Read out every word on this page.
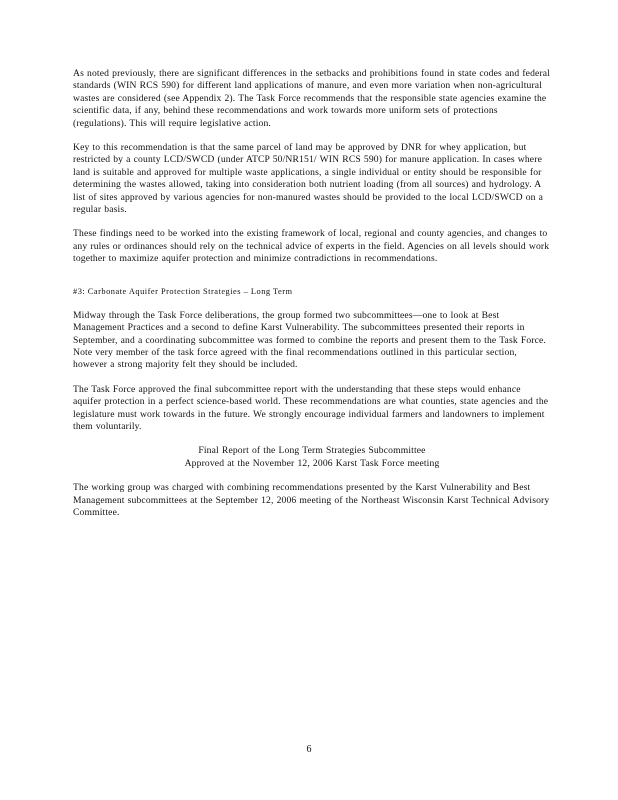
As noted previously, there are significant differences in the setbacks and prohibitions found in state codes and federal standards (WIN RCS 590) for different land applications of manure, and even more variation when non-agricultural wastes are considered (see Appendix 2). The Task Force recommends that the responsible state agencies examine the scientific data, if any, behind these recommendations and work towards more uniform sets of protections (regulations). This will require legislative action.

Key to this recommendation is that the same parcel of land may be approved by DNR for whey application, but restricted by a county LCD/SWCD (under ATCP 50/NR151/ WIN RCS 590) for manure application. In cases where land is suitable and approved for multiple waste applications, a single individual or entity should be responsible for determining the wastes allowed, taking into consideration both nutrient loading (from all sources) and hydrology. A list of sites approved by various agencies for non-manured wastes should be provided to the local LCD/SWCD on a regular basis.

These findings need to be worked into the existing framework of local, regional and county agencies, and changes to any rules or ordinances should rely on the technical advice of experts in the field. Agencies on all levels should work together to maximize aquifer protection and minimize contradictions in recommendations.

#3: Carbonate Aquifer Protection Strategies – Long Term

Midway through the Task Force deliberations, the group formed two subcommittees—one to look at Best Management Practices and a second to define Karst Vulnerability. The subcommittees presented their reports in September, and a coordinating subcommittee was formed to combine the reports and present them to the Task Force. Note very member of the task force agreed with the final recommendations outlined in this particular section, however a strong majority felt they should be included.

The Task Force approved the final subcommittee report with the understanding that these steps would enhance aquifer protection in a perfect science-based world. These recommendations are what counties, state agencies and the legislature must work towards in the future. We strongly encourage individual farmers and landowners to implement them voluntarily.

Final Report of the Long Term Strategies Subcommittee

Approved at the November 12, 2006 Karst Task Force meeting

The working group was charged with combining recommendations presented by the Karst Vulnerability and Best Management subcommittees at the September 12, 2006 meeting of the Northeast Wisconsin Karst Technical Advisory Committee.

6
